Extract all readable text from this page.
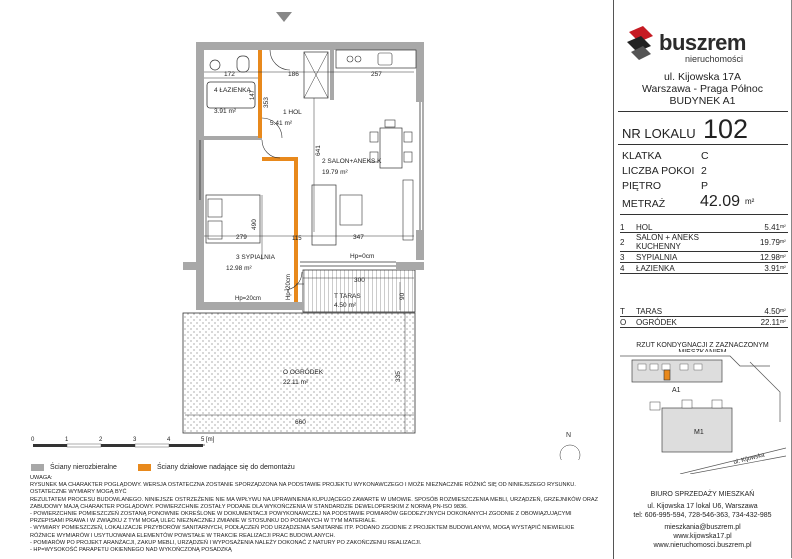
N
172	186	257
353
641
279	347
490
300
90
660
335
147
115
4 ŁAZIENKA
3.91 m²	1 HOL
5.41 m²
2 SALON+ANEKS K
19.79 m²
3 SYPIALNIA
12.98 m²
T TARAS
4.50 m²
O OGRÓDEK
22.11 m²
Hp=0cm
Hp=20cm
Hp=20cm
0	1	2	3	4	5 [m]
Ściany nierozbieralne	Ściany działowe nadające się do demontażu

UWAGA:

RYSUNEK MA CHARAKTER POGLĄDOWY. WERSJA OSTATECZNA ZOSTANIE SPORZĄDZONA NA PODSTAWIE PROJEKTU WYKONAWCZEGO I MOŻE NIEZNACZNIE RÓŻNIĆ SIĘ OD NINIEJSZEGO RYSUNKU. OSTATECZNE WYMIARY MOGĄ BYĆ

REZULTATEM PROCESU BUDOWLANEGO. NINIEJSZE OSTRZEŻENIE NIE MA WPŁYWU NA UPRAWNIENIA KUPUJĄCEGO ZAWARTE W UMOWIE. SPOSÓB ROZMIESZCZENIA MEBLI, URZĄDZEŃ, GRZEJNIKÓW ORAZ

ZABUDOWY MAJĄ CHARAKTER POGLĄDOWY. POWIERZCHNIE ZOSTAŁY PODANE DLA WYKOŃCZENIA W STANDARDZIE DEWELOPERSKIM Z NORMĄ PN-ISO 9836.

- POWIERZCHNIE POMIESZCZEŃ ZOSTANĄ PONOWNIE OKREŚLONE W DOKUMENTACJI POWYKONAWCZEJ NA PODSTAWIE POMIARÓW GEODEZYJNYCH DOKONANYCH ZGODNIE Z OBOWIĄZUJĄCYMI

PRZEPISAMI PRAWA I W ZWIĄZKU Z TYM MOGĄ ULEC NIEZNACZNEJ ZMIANIE W STOSUNKU DO PODANYCH W TYM MATERIALE.

- WYMIARY POMIESZCZEŃ, LOKALIZACJE PRZYBORÓW SANITARNYCH, PODŁĄCZEŃ POD URZĄDZENIA SANITARNE ITP. PODANO ZGODNIE Z PROJEKTEM BUDOWLANYM, MOGĄ WYSTĄPIĆ NIEWIELKIE

RÓŻNICE WYMIARÓW I USYTUOWANIA ELEMENTÓW POWSTAŁE W TRAKCIE REALIZACJI PRAC BUDOWLANYCH.

- POMIARÓW PO PROJEKT ARANŻACJI, ZAKUP MEBLI, URZĄDZEŃ I WYPOSAŻENIA NALEŻY DOKONAĆ Z NATURY PO ZAKOŃCZENIU REALIZACJI.

- HP=WYSOKOŚĆ PARAPETU OKIENNEGO NAD WYKOŃCZONĄ POSADZKĄ

buszrem
nieruchomości
ul. Kijowska 17A
Warszawa - Praga Północ
BUDYNEK A1
NR LOKALU 102
KLATKA	C
LICZBA POKOI 2
PIĘTRO	P
METRAŻ 42.09 m²
1	HOL	5.41	m²
2	SALON + ANEKS KUCHENNY	19.79	m²
3	SYPIALNIA	12.98	m²
4	ŁAZIENKA	3.91	m²
T	TARAS	4.50	m²
O	OGRÓDEK	22.11	m²
RZUT KONDYGNACJI Z ZAZNACZONYM
A1
M1
ul. Kijowska
BIURO SPRZEDAŻY MIESZKAŃ
ul. Kijowska 17 lokal U6, Warszawa
tel: 606-995-594, 728-546-363, 734-432-985
mieszkania@buszrem.pl
www.kijowska17.pl
www.nieruchomosci.buszrem.pl
